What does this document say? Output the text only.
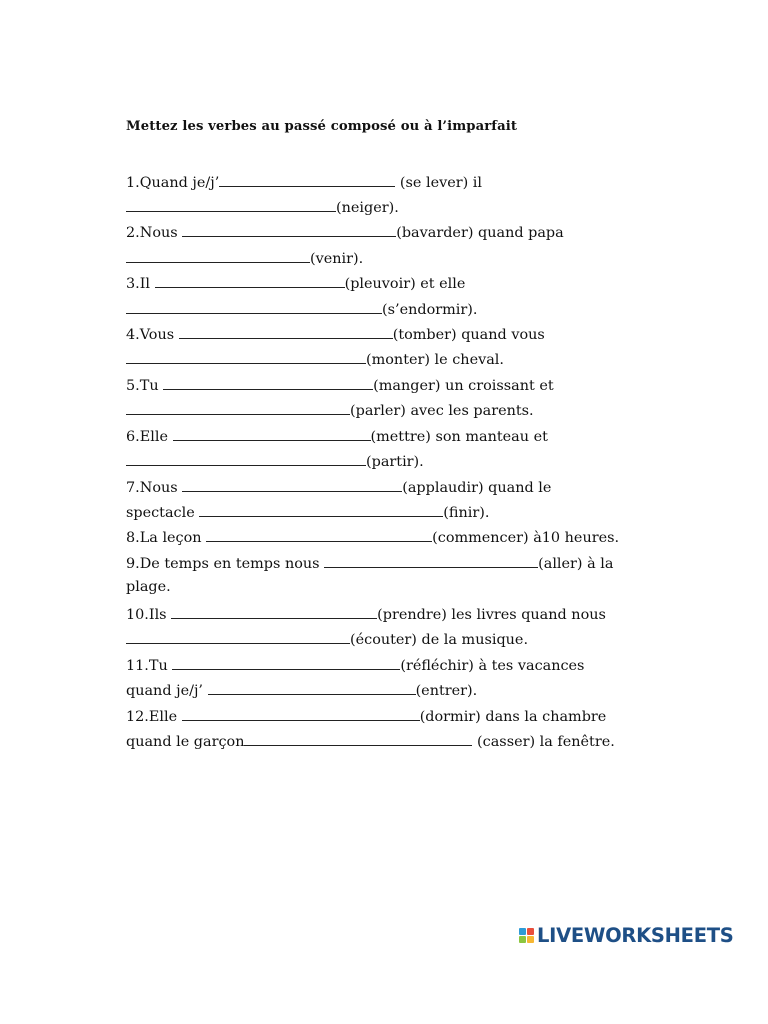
Mettez les verbes au passé composé ou à l’imparfait
1.Quand je/j’	(se lever) il
(neiger).
2.Nous	(bavarder) quand papa
(venir).
3.Il	(pleuvoir) et elle
(s’endormir).
4.Vous	(tomber) quand vous
(monter) le cheval.
5.Tu	(manger) un croissant et
(parler) avec les parents.
6.Elle	(mettre) son manteau et
(partir).
7.Nous	(applaudir) quand le
spectacle	(finir).
8.La leçon	(commencer) à10 heures.
9.De temps en temps nous	(aller) à la
plage.
10.Ils	(prendre) les livres quand nous
(écouter) de la musique.
11.Tu	(réfléchir) à tes vacances
quand je/j’	(entrer).
12.Elle	(dormir) dans la chambre
quand le garçon	(casser) la fenêtre.
LIVEWORKSHEETS
